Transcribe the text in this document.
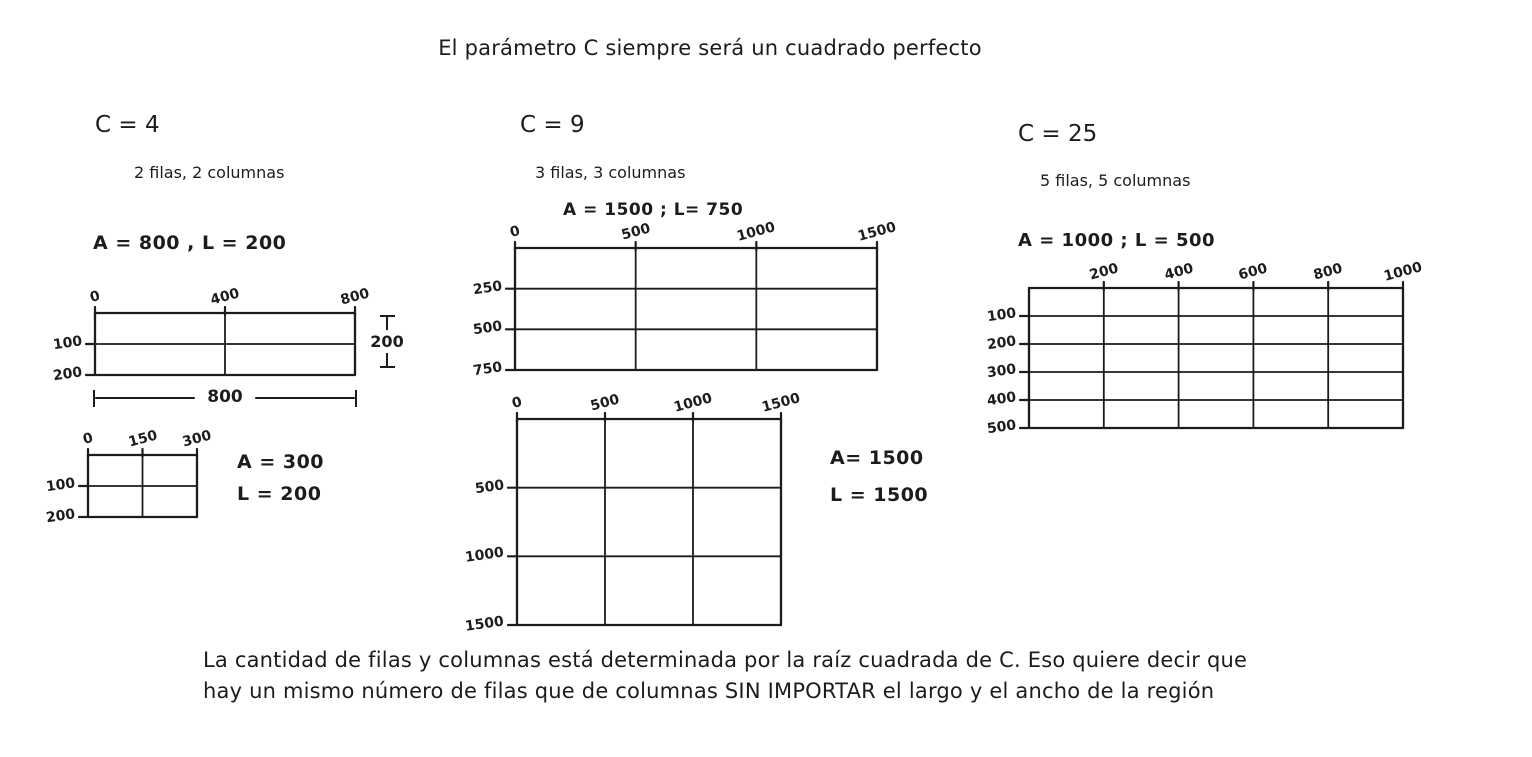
El parámetro C siempre será un cuadrado perfecto
C = 4
2 filas, 2 columnas
A = 800 , L = 200
0	400	800
100
200
200
800
0 150 300
100
200
A = 300
L = 200
C = 9
3 filas, 3 columnas
A = 1500 ; L= 750
0	500	1000	1500
250
500
750
0	500	1000	1500
500
1000
1500
A= 1500
L = 1500
C = 25
5 filas, 5 columnas
A = 1000 ; L = 500
200	400	600	800	1000
100
200
300
400
500
La cantidad de filas y columnas está determinada por la raíz cuadrada de C. Eso quiere decir que
hay un mismo número de filas que de columnas SIN IMPORTAR el largo y el ancho de la región
